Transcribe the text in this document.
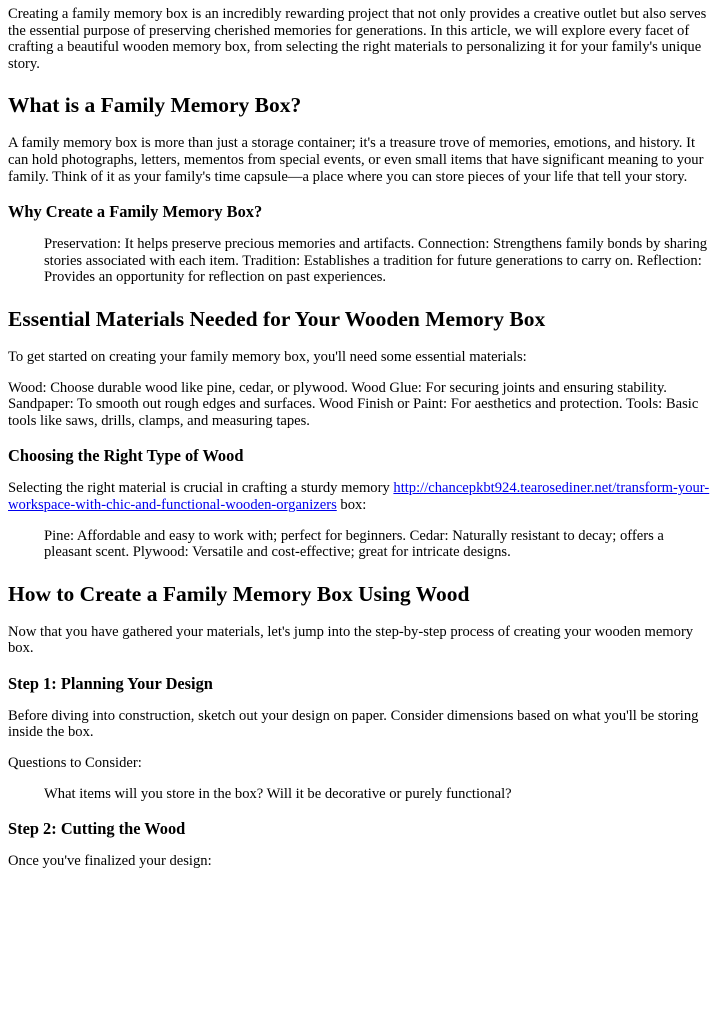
Creating a family memory box is an incredibly rewarding project that not only provides a creative outlet but also serves the essential purpose of preserving cherished memories for generations. In this article, we will explore every facet of crafting a beautiful wooden memory box, from selecting the right materials to personalizing it for your family's unique story.

What is a Family Memory Box?

A family memory box is more than just a storage container; it's a treasure trove of memories, emotions, and history. It can hold photographs, letters, mementos from special events, or even small items that have significant meaning to your family. Think of it as your family's time capsule—a place where you can store pieces of your life that tell your story.

Why Create a Family Memory Box?
Preservation: It helps preserve precious memories and artifacts. Connection: Strengthens family bonds by sharing stories associated with each item. Tradition: Establishes a tradition for future generations to carry on. Reflection: Provides an opportunity for reflection on past experiences.
Essential Materials Needed for Your Wooden Memory Box

To get started on creating your family memory box, you'll need some essential materials:

Wood: Choose durable wood like pine, cedar, or plywood. Wood Glue: For securing joints and ensuring stability. Sandpaper: To smooth out rough edges and surfaces. Wood Finish or Paint: For aesthetics and protection. Tools: Basic tools like saws, drills, clamps, and measuring tapes.

Choosing the Right Type of Wood

Selecting the right material is crucial in crafting a sturdy memory http://chancepkbt924.tearosediner.net/transform-your-workspace-with-chic-and-functional-wooden-organizers box:

Pine: Affordable and easy to work with; perfect for beginners. Cedar: Naturally resistant to decay; offers a pleasant scent. Plywood: Versatile and cost-effective; great for intricate designs.
How to Create a Family Memory Box Using Wood

Now that you have gathered your materials, let's jump into the step-by-step process of creating your wooden memory box.

Step 1: Planning Your Design

Before diving into construction, sketch out your design on paper. Consider dimensions based on what you'll be storing inside the box.

Questions to Consider:

What items will you store in the box? Will it be decorative or purely functional?
Step 2: Cutting the Wood

Once you've finalized your design:
